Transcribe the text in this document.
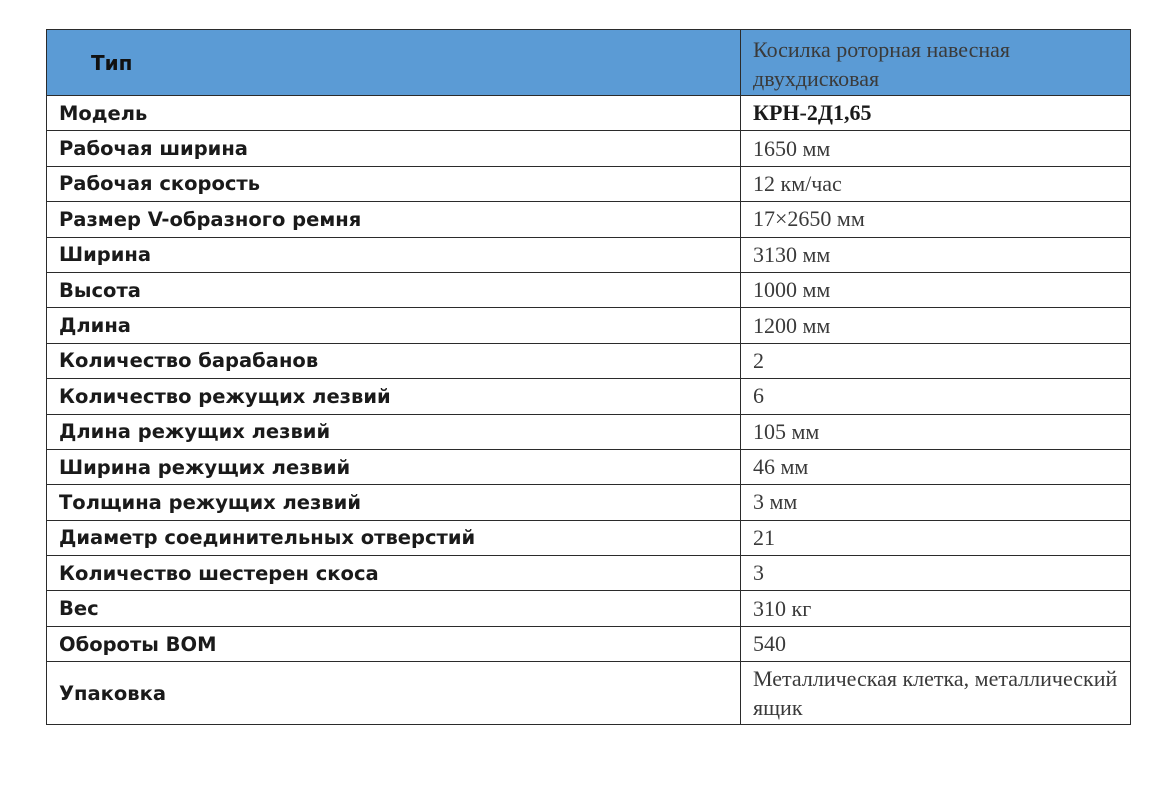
Тип	Косилка роторная навесная двухдисковая
Модель	КРН-2Д1,65
Рабочая ширина	1650 мм
Рабочая скорость	12 км/час
Размер V-образного ремня	17×2650 мм
Ширина	3130 мм
Высота	1000 мм
Длина	1200 мм
Количество барабанов	2
Количество режущих лезвий	6
Длина режущих лезвий	105 мм
Ширина режущих лезвий	46 мм
Толщина режущих лезвий	3 мм
Диаметр соединительных отверстий	21
Количество шестерен скоса	3
Вес	310 кг
Обороты ВОМ	540
Упаковка	Металлическая клетка, металлический ящик
